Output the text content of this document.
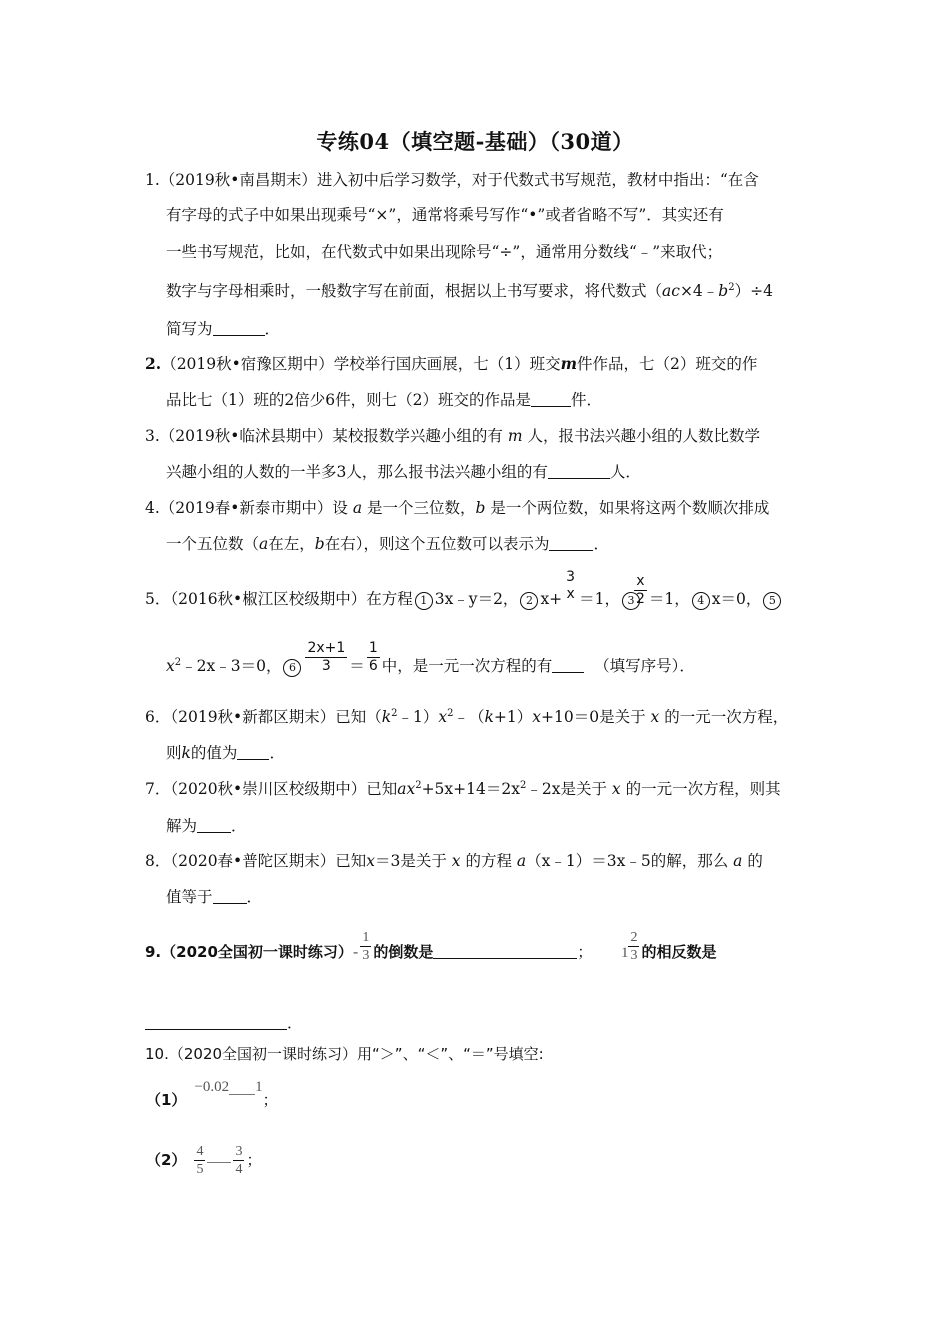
专练04（填空题-基础）（30道）
1.（2019秋•南昌期末）进入初中后学习数学，对于代数式书写规范，教材中指出：“在含
有字母的式子中如果出现乘号“×”，通常将乘号写作“•”或者省略不写”．其实还有
一些书写规范，比如，在代数式中如果出现除号“÷”，通常用分数线“﹣”来取代；
数字与字母相乘时，一般数字写在前面，根据以上书写要求，将代数式$(ac\times 4﹣b^2)\div 4$
简写为	．
2.（2019秋•宿豫区期中）学校举行国庆画展，七（1）班交m件作品，七（2）班交的作
品比七（1）班的2倍少6件，则七（2）班交的作品是	件．
3.（2019秋•临沭县期中）某校报数学兴趣小组的有 m 人，报书法兴趣小组的人数比数学
兴趣小组的人数的一半多3人，那么报书法兴趣小组的有	人．
4.（2019春•新泰市期中）设 a 是一个三位数，b 是一个两位数，如果将这两个数顺次排成
一个五位数（a在左，b在右），则这个五位数可以表示为	．
5．（2016秋•椒江区校级期中）在方程 1 3x﹣y＝2， 2 x+
3
x ＝1， $3 \frac{x}{2} =1$， 4 x＝0， 5
$x^2﹣2x﹣3=0$， $6 \frac{2x+1}{3} = \frac{1}{6}$ 中，是一元一次方程的有	（填写序号）．
6．（2019秋•新都区期末）已知$(k^2﹣1)x^2﹣(k+1)x+10=0$是关于 x 的一元一次方程，
则k的值为 ．
7．（2020秋•崇川区校级期中）已知$ax^2+5x+14=2x^2﹣2x$是关于 x 的一元一次方程，则其
解为 ．
8．（2020春•普陀区期末）已知x＝3是关于 x 的方程 a（x﹣1）＝3x﹣5的解，那么 a 的
值等于 ．
9.（2020全国初一课时练习）- $\frac{1}{3}$ 的倒数是	； $1 \frac{2}{3}$ 的相反数是
．
10.（2020全国初一课时练习）用“＞”、“＜”、“＝”号填空:
（1）−0.02 1；
$(2) \frac{4}{5} \frac{3}{4}$ ；
